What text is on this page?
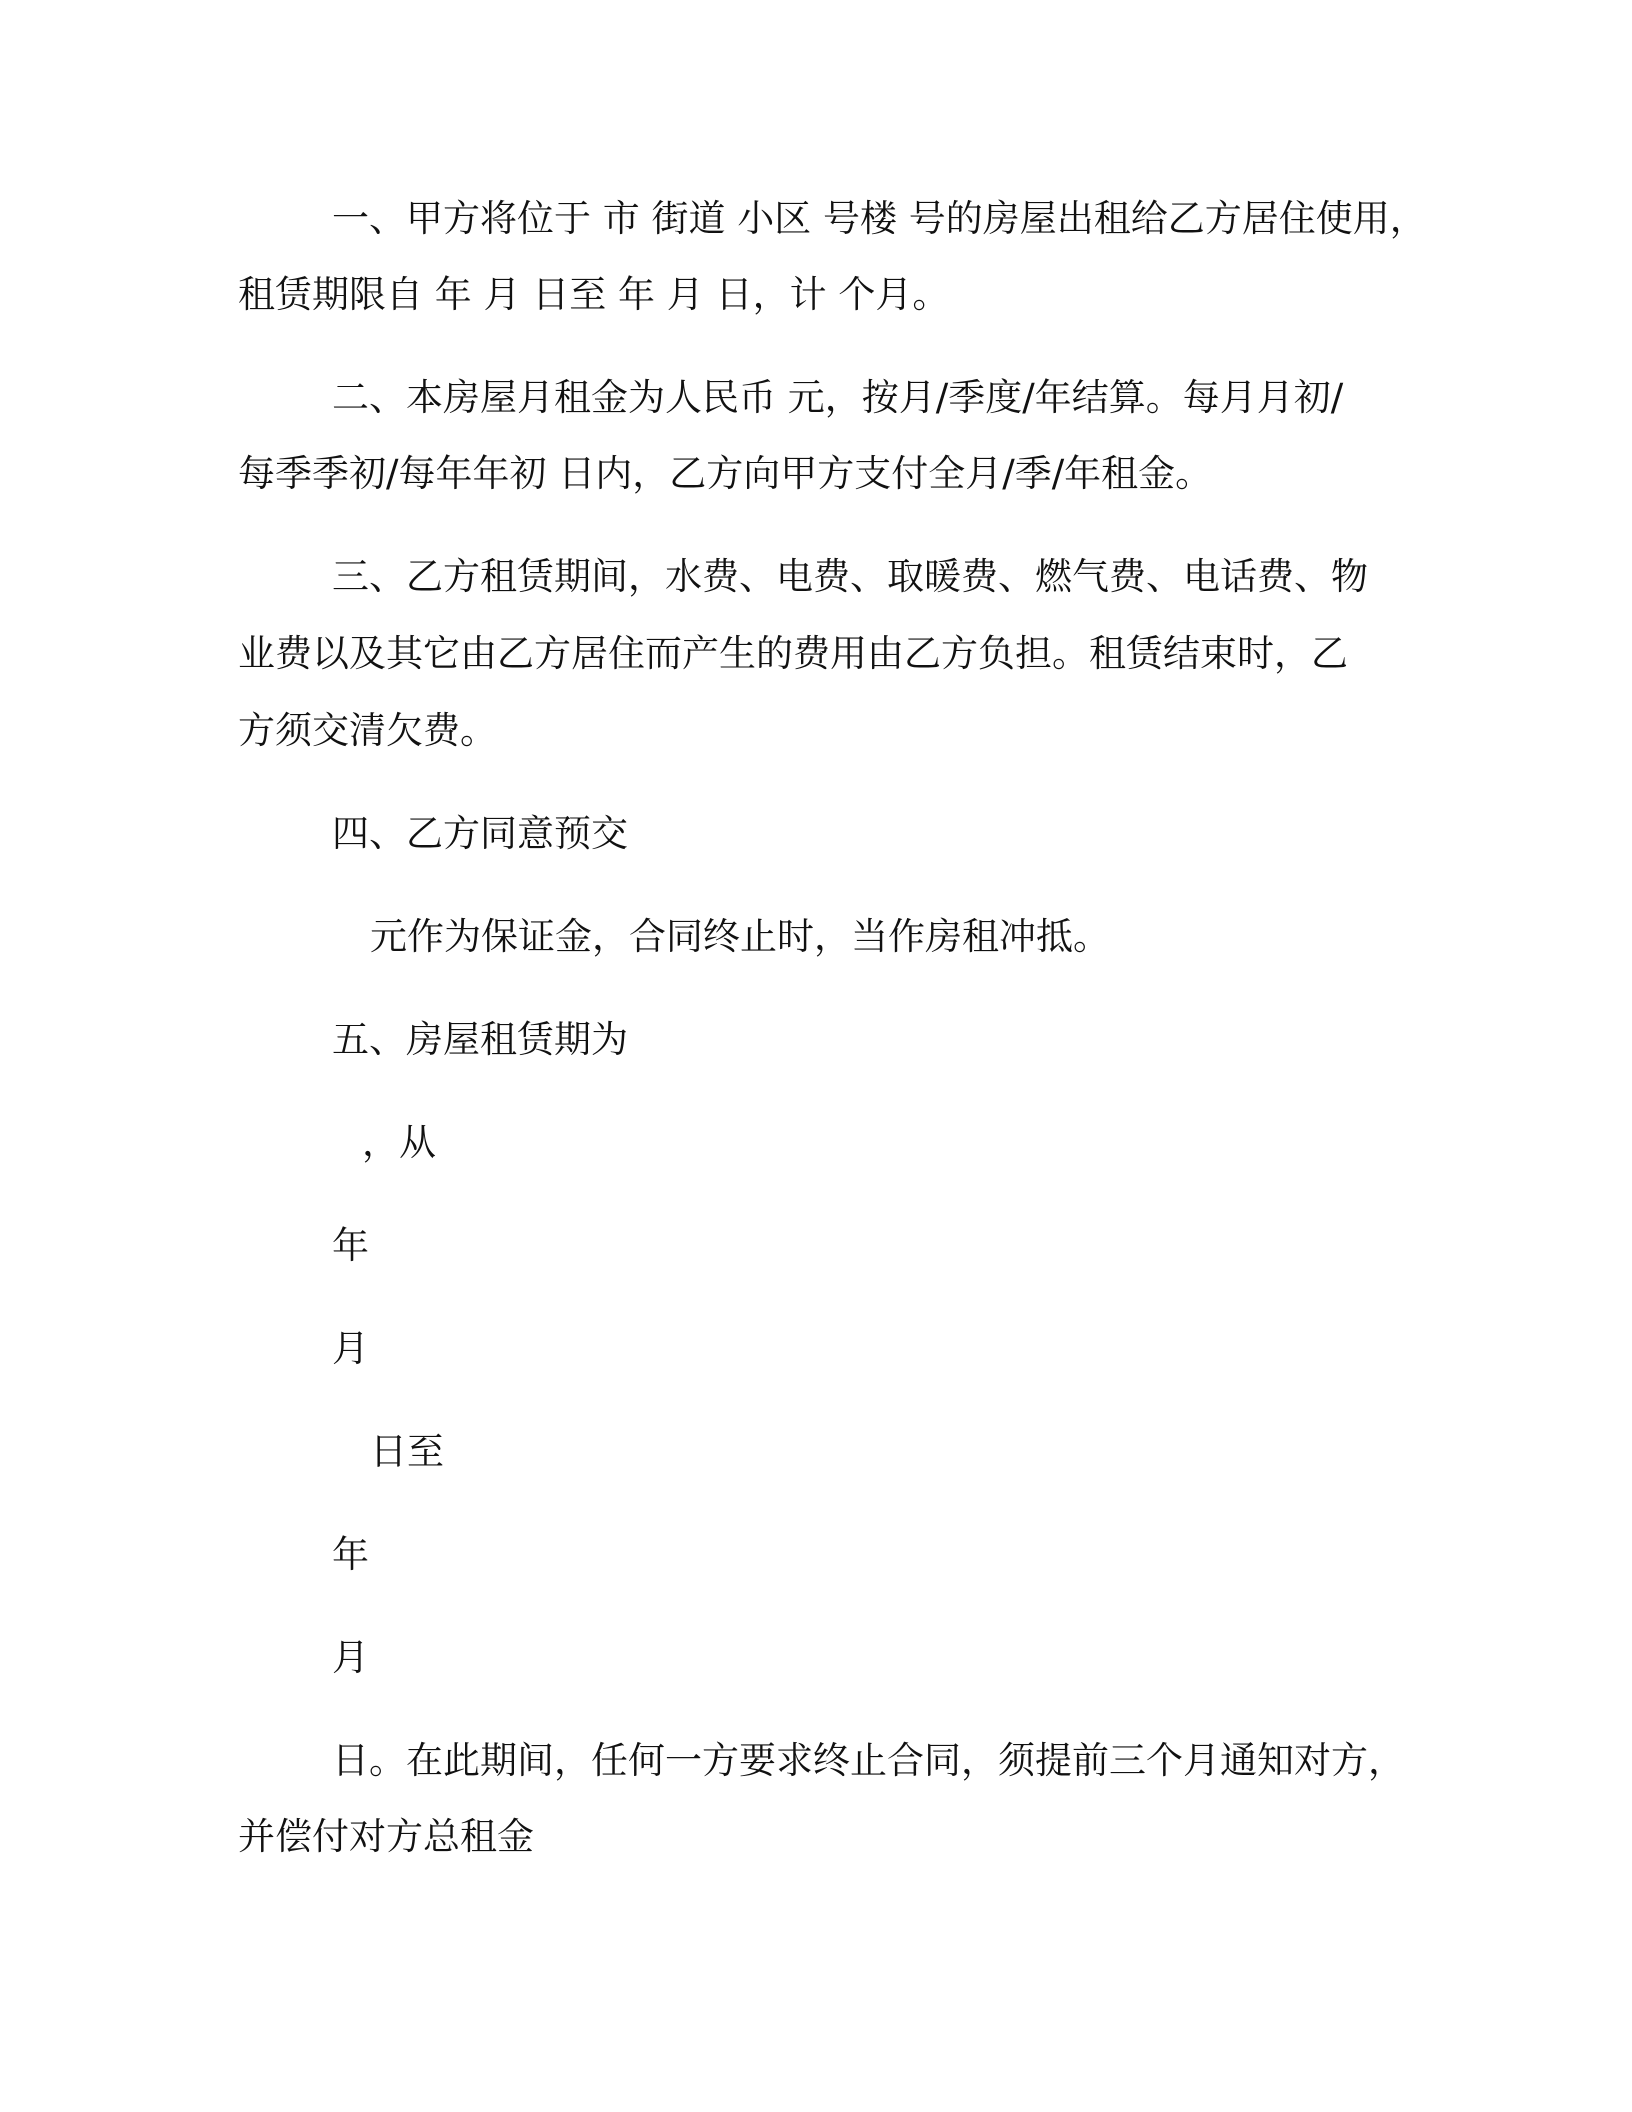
一、甲方将位于 市 街道 小区 号楼 号的房屋出租给乙方居住使用，

租赁期限自 年 月 日至 年 月 日，计 个月。

二、本房屋月租金为人民币 元，按月/季度/年结算。每月月初/

每季季初/每年年初 日内，乙方向甲方支付全月/季/年租金。

三、乙方租赁期间，水费、电费、取暖费、燃气费、电话费、物

业费以及其它由乙方居住而产生的费用由乙方负担。租赁结束时，乙

方须交清欠费。

四、乙方同意预交

元作为保证金，合同终止时，当作房租冲抵。

五、房屋租赁期为

，从

年

月

日至

年

月

日。在此期间，任何一方要求终止合同，须提前三个月通知对方，

并偿付对方总租金
